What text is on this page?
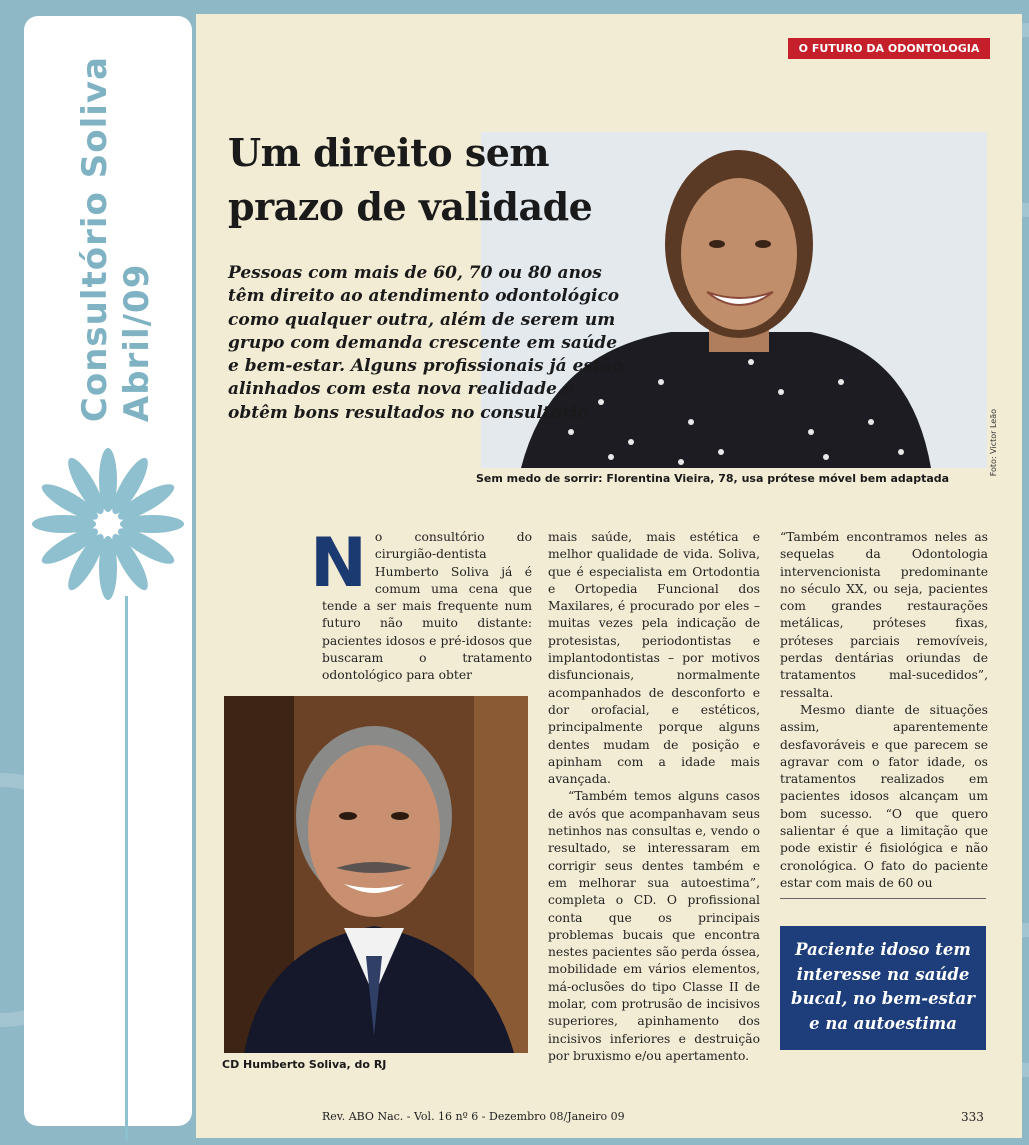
Consultório Soliva Abril/09
O FUTURO DA ODONTOLOGIA
Um direito sem
prazo de validade

Pessoas com mais de 60, 70 ou 80 anos têm direito ao atendimento odontológico como qualquer outra, além de serem um grupo com demanda crescente em saúde e bem-estar. Alguns profissionais já estão alinhados com esta nova realidade e obtêm bons resultados no consultório	Foto: Victor Leão
Sem medo de sorrir: Florentina Vieira, 78, usa prótese móvel bem adaptada
N o consultório do cirurgião-dentista Humberto Soliva já é comum uma cena que tende a ser mais frequente num futuro não muito distante: pacientes idosos e pré-idosos que buscaram o tratamento odontológico para obter
CD Humberto Soliva, do RJ

mais saúde, mais estética e melhor qualidade de vida. Soliva, que é especialista em Ortodontia e Ortopedia Funcional dos Maxilares, é procurado por eles – muitas vezes pela indicação de protesistas, periodontistas e implantodontistas – por motivos disfuncionais, normalmente acompanhados de desconforto e dor orofacial, e estéticos, principalmente porque alguns dentes mudam de posição e apinham com a idade mais avançada.

“Também temos alguns casos de avós que acompanhavam seus netinhos nas consultas e, vendo o resultado, se interessaram em corrigir seus dentes também e em melhorar sua autoestima”, completa o CD. O profissional conta que os principais problemas bucais que encontra nestes pacientes são perda óssea, mobilidade em vários elementos, má-oclusões do tipo Classe II de molar, com protrusão de incisivos superiores, apinhamento dos incisivos inferiores e destruição por bruxismo e/ou apertamento.

“Também encontramos neles as sequelas da Odontologia intervencionista predominante no século XX, ou seja, pacientes com grandes restaurações metálicas, próteses fixas, próteses parciais removíveis, perdas dentárias oriundas de tratamentos mal-sucedidos”, ressalta.

Mesmo diante de situações assim, aparentemente desfavoráveis e que parecem se agravar com o fator idade, os tratamentos realizados em pacientes idosos alcançam um bom sucesso. “O que quero salientar é que a limitação que pode existir é fisiológica e não cronológica. O fato do paciente estar com mais de 60 ou

Paciente idoso tem interesse na saúde bucal, no bem-estar e na autoestima
Rev. ABO Nac. - Vol. 16 nº 6 - Dezembro 08/Janeiro 09	333
